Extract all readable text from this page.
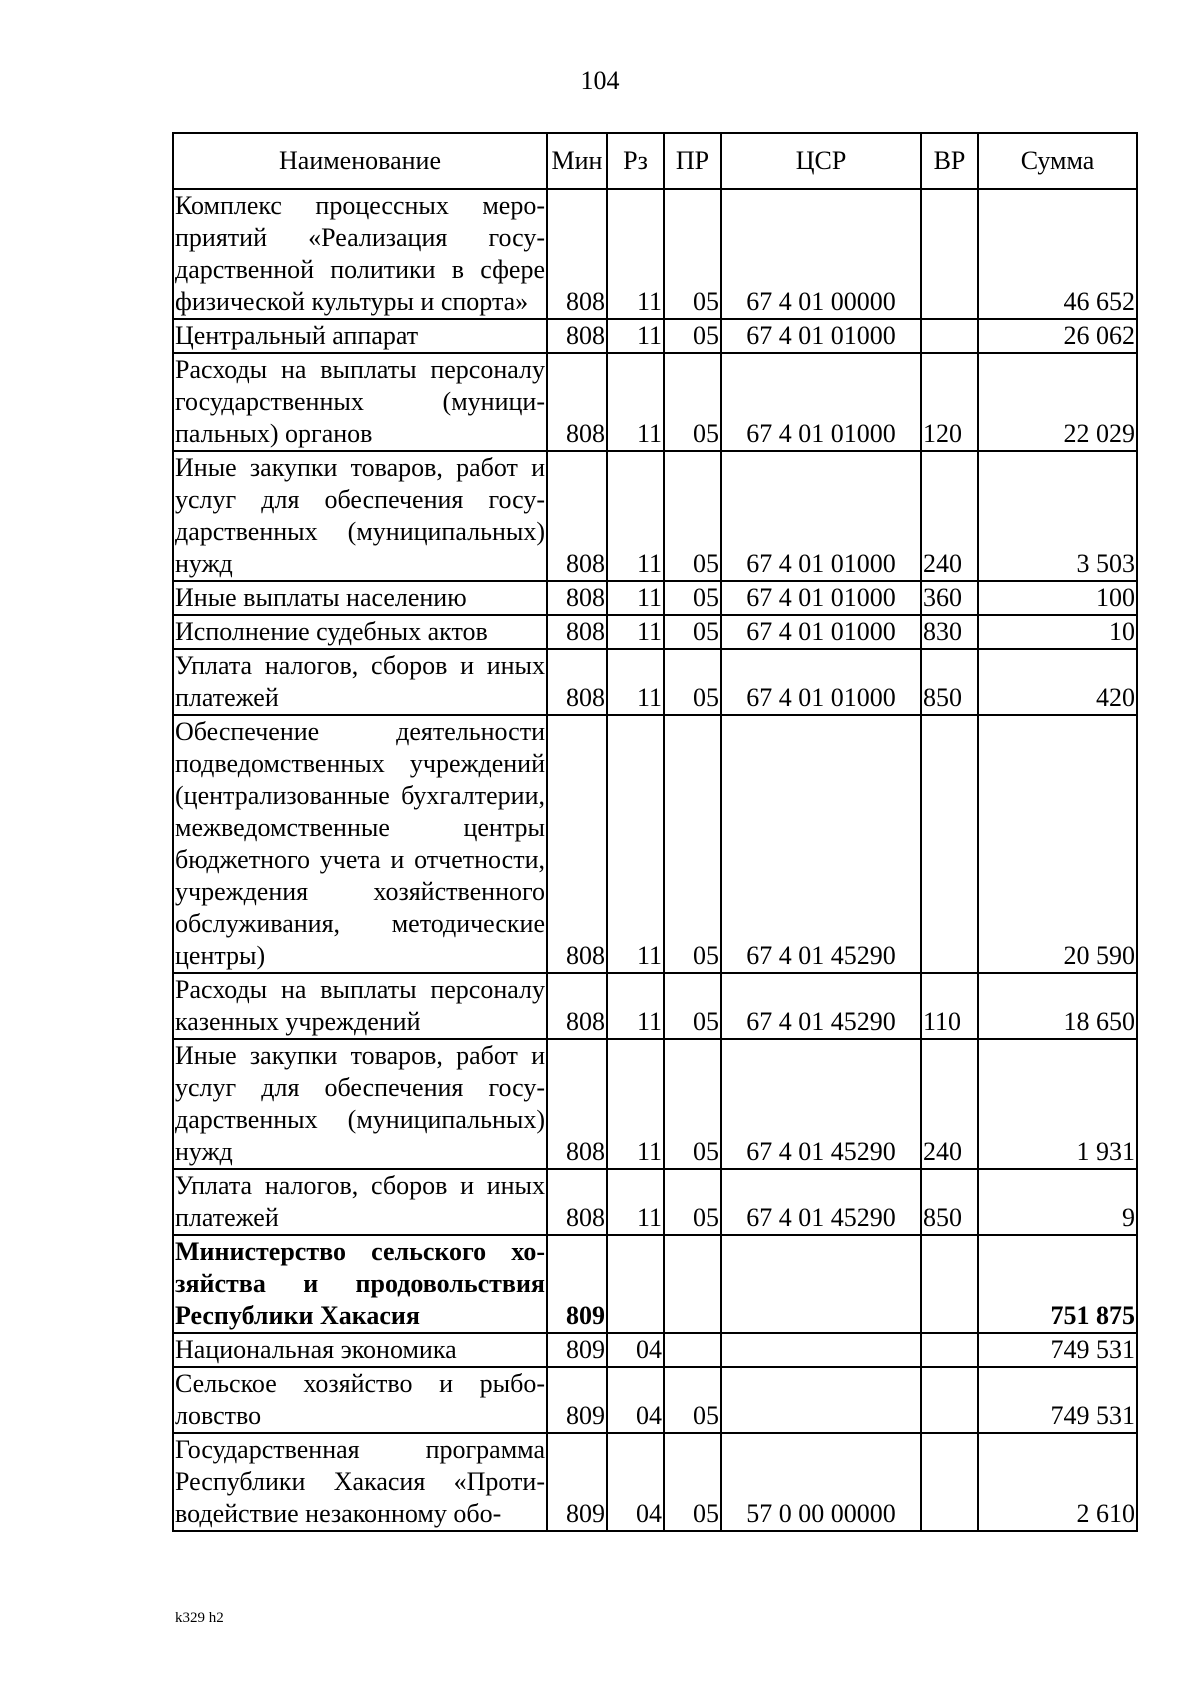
104
Наименование	Мин	Рз	ПР	ЦСР	ВР	Сумма
Комплекс процессных мероприятий «Реализация государственной политики в сфере физической культуры и спорта»	808	11	05	67 4 01 00000		46 652
Центральный аппарат	808	11	05	67 4 01 01000		26 062
Расходы на выплаты персоналу государственных (муниципальных) органов	808	11	05	67 4 01 01000	120	22 029
Иные закупки товаров, работ и услуг для обеспечения государственных (муниципальных) нужд	808	11	05	67 4 01 01000	240	3 503
Иные выплаты населению	808	11	05	67 4 01 01000	360	100
Исполнение судебных актов	808	11	05	67 4 01 01000	830	10
Уплата налогов, сборов и иных платежей	808	11	05	67 4 01 01000	850	420
Обеспечение деятельности подведомственных учреждений (централизованные бухгалтерии, межведомственные центры бюджетного учета и отчетности, учреждения хозяйственного обслуживания, методические центры)	808	11	05	67 4 01 45290		20 590
Расходы на выплаты персоналу казенных учреждений	808	11	05	67 4 01 45290	110	18 650
Иные закупки товаров, работ и услуг для обеспечения государственных (муниципальных) нужд	808	11	05	67 4 01 45290	240	1 931
Уплата налогов, сборов и иных платежей	808	11	05	67 4 01 45290	850	9
Министерство сельского хозяйства и продовольствия Республики Хакасия	809					751 875
Национальная экономика	809	04				749 531
Сельское хозяйство и рыболовство	809	04	05			749 531
Государственная программа Республики Хакасия «Противодействие незаконному обо-	809	04	05	57 0 00 00000		2 610
k329 h2
